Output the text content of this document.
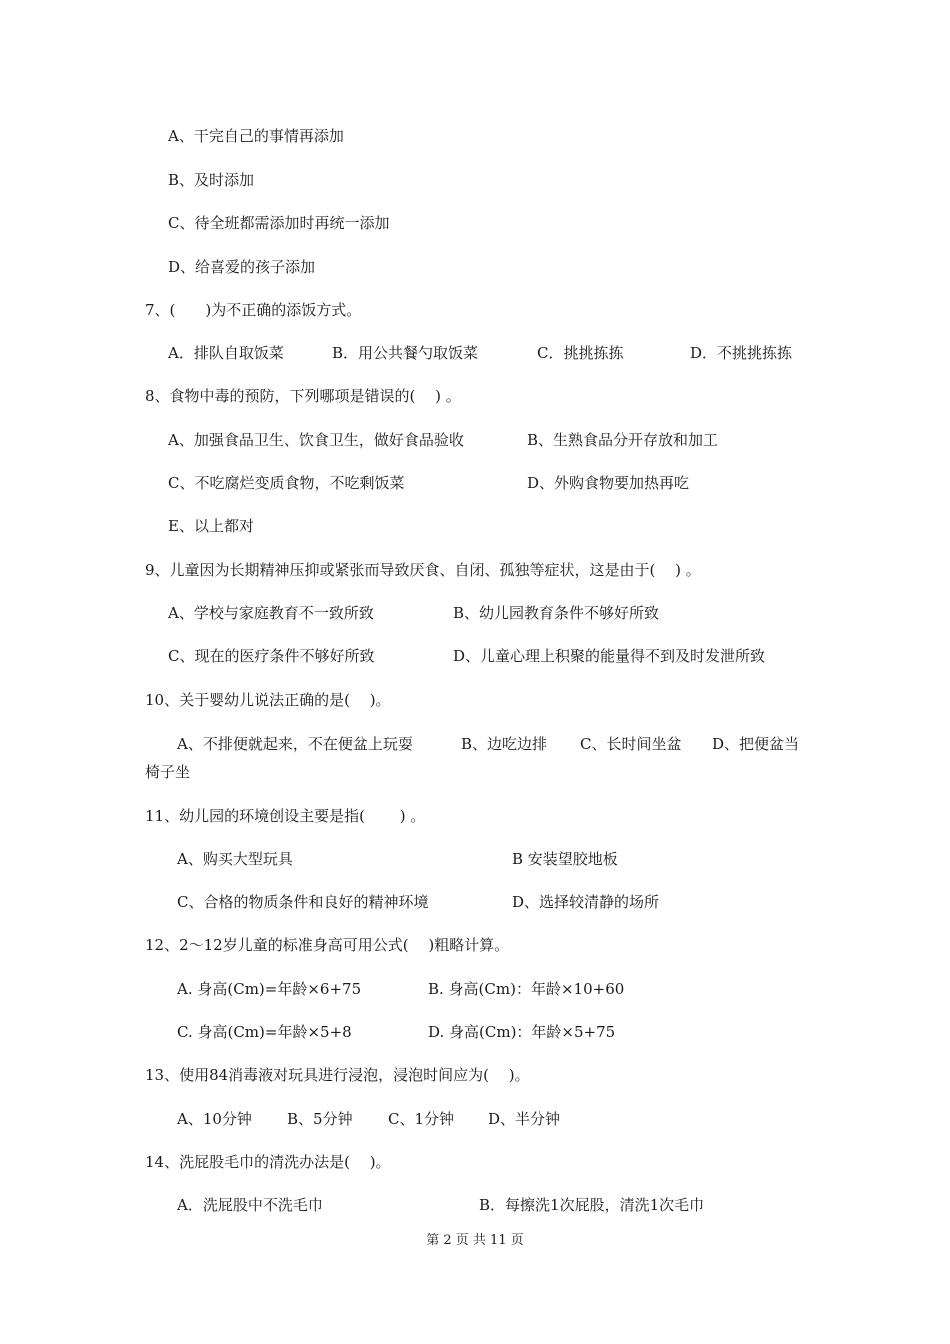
A、干完自己的事情再添加
B、及时添加
C、待全班都需添加时再统一添加
D、给喜爱的孩子添加
7、(　　)为不正确的添饭方式。
A．排队自取饭菜	B．用公共餐勺取饭菜	C．挑挑拣拣	D．不挑挑拣拣
8、食物中毒的预防，下列哪项是错误的(　 ) 。
A、加强食品卫生、饮食卫生，做好食品验收	B、生熟食品分开存放和加工
C、不吃腐烂变质食物，不吃剩饭菜	D、外购食物要加热再吃
E、以上都对
9、儿童因为长期精神压抑或紧张而导致厌食、自闭、孤独等症状，这是由于(　 ) 。
A、学校与家庭教育不一致所致	B、幼儿园教育条件不够好所致
C、现在的医疗条件不够好所致	D、儿童心理上积聚的能量得不到及时发泄所致
10、关于婴幼儿说法正确的是(　 )。
A、不排便就起来，不在便盆上玩耍	B、边吃边排 C、长时间坐盆 D、把便盆当
椅子坐
11、幼儿园的环境创设主要是指(　　 ) 。
A、购买大型玩具	B 安装望胶地板
C、合格的物质条件和良好的精神环境	D、选择较清静的场所
12、2～12岁儿童的标准身高可用公式(　 )粗略计算。
A. 身高(Cm)=年龄×6+75	B. 身高(Cm)：年龄×10+60
C. 身高(Cm)=年龄×5+8	D. 身高(Cm)：年龄×5+75
13、使用84消毒液对玩具进行浸泡，浸泡时间应为(　 )。
A、10分钟 B、5分钟 C、1分钟 D、半分钟
14、洗屁股毛巾的清洗办法是(　 )。
A．洗屁股中不洗毛巾	B．每擦洗1次屁股，清洗1次毛巾
第 2 页 共 11 页
